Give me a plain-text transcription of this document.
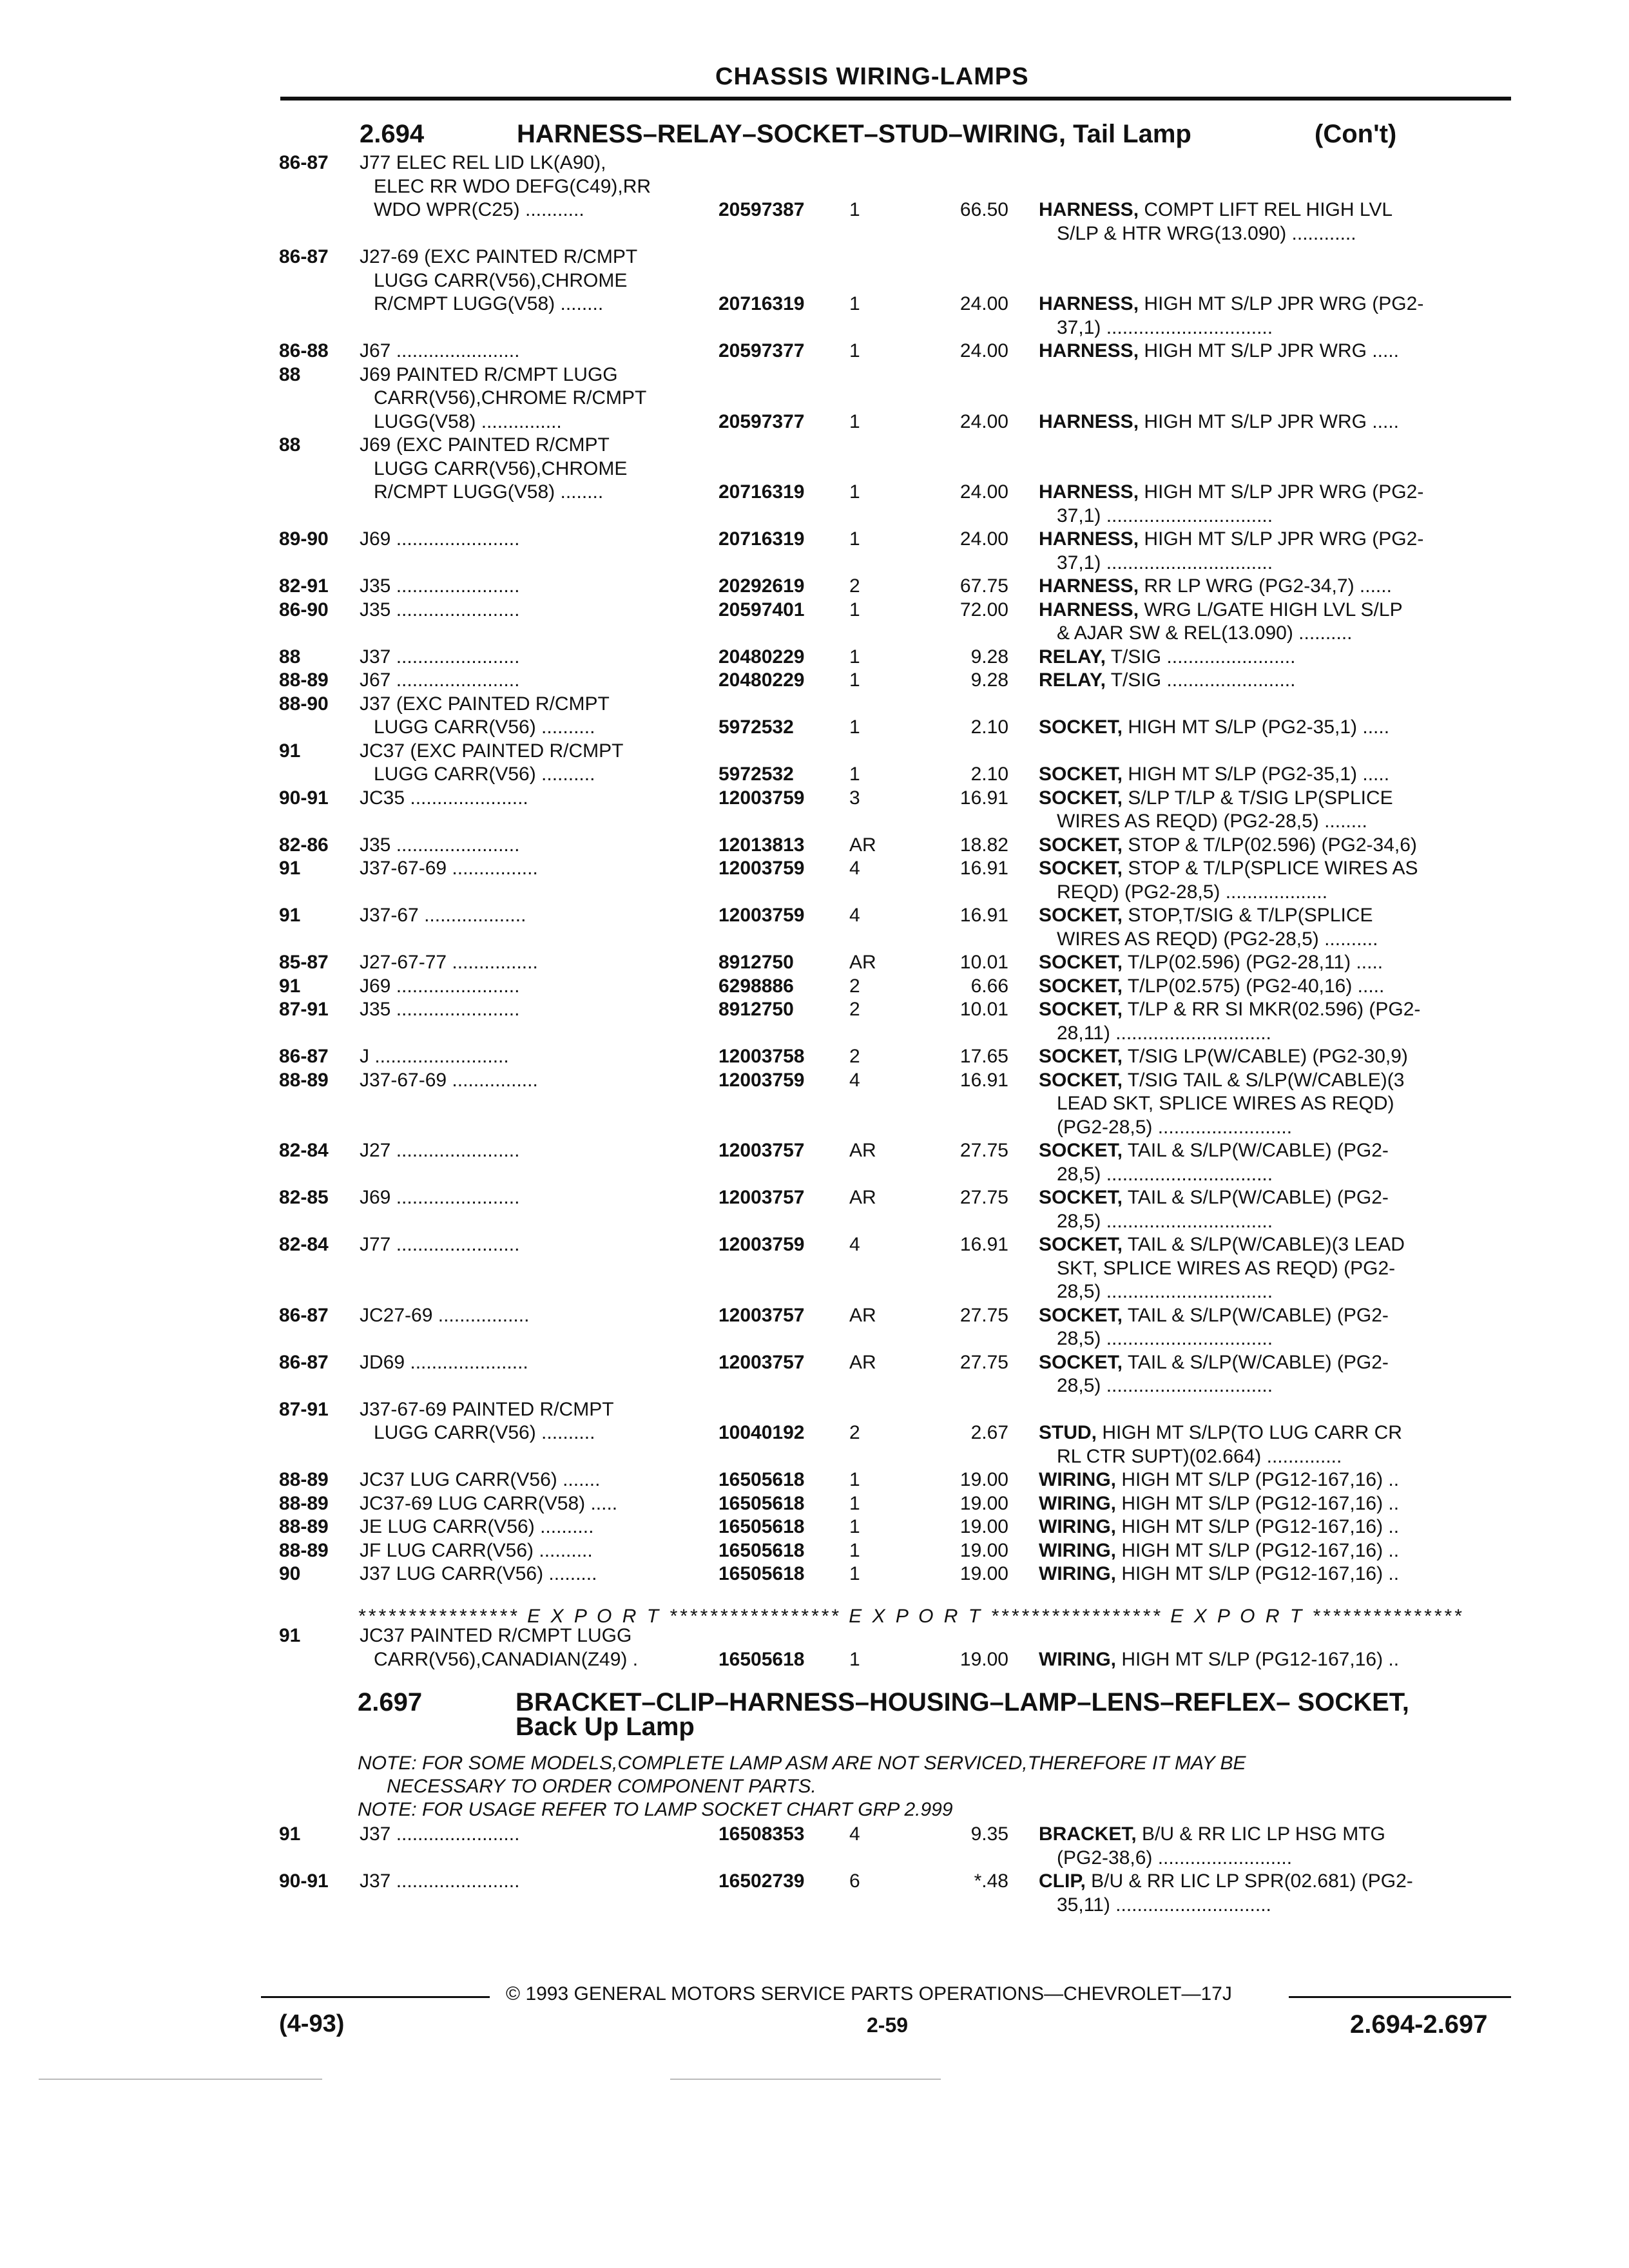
CHASSIS WIRING-LAMPS
2.694	HARNESS–RELAY–SOCKET–STUD–WIRING, Tail Lamp	(Con't)
86-87 J77 ELEC REL LID LK(A90),
ELEC RR WDO DEFG(C49),RR
WDO WPR(C25) ...........	20597387 1	66.50 HARNESS, COMPT LIFT REL HIGH LVL
S/LP & HTR WRG(13.090) ............
86-87 J27-69 (EXC PAINTED R/CMPT
LUGG CARR(V56),CHROME
R/CMPT LUGG(V58) ........	20716319 1	24.00 HARNESS, HIGH MT S/LP JPR WRG (PG2-
37,1) ...............................
86-88 J67 .......................	20597377 1	24.00 HARNESS, HIGH MT S/LP JPR WRG .....
88	J69 PAINTED R/CMPT LUGG
CARR(V56),CHROME R/CMPT
LUGG(V58) ...............	20597377 1	24.00 HARNESS, HIGH MT S/LP JPR WRG .....
88	J69 (EXC PAINTED R/CMPT
LUGG CARR(V56),CHROME
R/CMPT LUGG(V58) ........	20716319 1	24.00 HARNESS, HIGH MT S/LP JPR WRG (PG2-
37,1) ...............................
89-90 J69 .......................	20716319 1	24.00 HARNESS, HIGH MT S/LP JPR WRG (PG2-
37,1) ...............................
82-91 J35 .......................	20292619 2	67.75 HARNESS, RR LP WRG (PG2-34,7) ......
86-90 J35 .......................	20597401 1	72.00 HARNESS, WRG L/GATE HIGH LVL S/LP
& AJAR SW & REL(13.090) ..........
88	J37 .......................	20480229 1	9.28 RELAY, T/SIG ........................
88-89 J67 .......................	20480229 1	9.28 RELAY, T/SIG ........................
88-90 J37 (EXC PAINTED R/CMPT
LUGG CARR(V56) ..........	5972532	1	2.10 SOCKET, HIGH MT S/LP (PG2-35,1) .....
91	JC37 (EXC PAINTED R/CMPT
LUGG CARR(V56) ..........	5972532	1	2.10 SOCKET, HIGH MT S/LP (PG2-35,1) .....
90-91 JC35 ......................	12003759 3	16.91 SOCKET, S/LP T/LP & T/SIG LP(SPLICE
WIRES AS REQD) (PG2-28,5) ........
82-86 J35 .......................	12013813 AR	18.82 SOCKET, STOP & T/LP(02.596) (PG2-34,6)
91	J37-67-69 ................	12003759 4	16.91 SOCKET, STOP & T/LP(SPLICE WIRES AS
REQD) (PG2-28,5) ...................
91	J37-67 ...................	12003759 4	16.91 SOCKET, STOP,T/SIG & T/LP(SPLICE
WIRES AS REQD) (PG2-28,5) ..........
85-87 J27-67-77 ................	8912750	AR	10.01 SOCKET, T/LP(02.596) (PG2-28,11) .....
91	J69 .......................	6298886	2	6.66 SOCKET, T/LP(02.575) (PG2-40,16) .....
87-91 J35 .......................	8912750	2	10.01 SOCKET, T/LP & RR SI MKR(02.596) (PG2-
28,11) .............................
86-87 J .........................	12003758 2	17.65 SOCKET, T/SIG LP(W/CABLE) (PG2-30,9)
88-89 J37-67-69 ................	12003759 4	16.91 SOCKET, T/SIG TAIL & S/LP(W/CABLE)(3
LEAD SKT, SPLICE WIRES AS REQD)
(PG2-28,5) .........................
82-84 J27 .......................	12003757 AR	27.75 SOCKET, TAIL & S/LP(W/CABLE) (PG2-
28,5) ...............................
82-85 J69 .......................	12003757 AR	27.75 SOCKET, TAIL & S/LP(W/CABLE) (PG2-
28,5) ...............................
82-84 J77 .......................	12003759 4	16.91 SOCKET, TAIL & S/LP(W/CABLE)(3 LEAD
SKT, SPLICE WIRES AS REQD) (PG2-
28,5) ...............................
86-87 JC27-69 .................	12003757 AR	27.75 SOCKET, TAIL & S/LP(W/CABLE) (PG2-
28,5) ...............................
86-87 JD69 ......................	12003757 AR	27.75 SOCKET, TAIL & S/LP(W/CABLE) (PG2-
28,5) ...............................
87-91 J37-67-69 PAINTED R/CMPT
LUGG CARR(V56) ..........	10040192 2	2.67 STUD, HIGH MT S/LP(TO LUG CARR CR
RL CTR SUPT)(02.664) ..............
88-89 JC37 LUG CARR(V56) .......	16505618 1	19.00 WIRING, HIGH MT S/LP (PG12-167,16) ..
88-89 JC37-69 LUG CARR(V58) .....	16505618 1	19.00 WIRING, HIGH MT S/LP (PG12-167,16) ..
88-89 JE LUG CARR(V56) ..........	16505618 1	19.00 WIRING, HIGH MT S/LP (PG12-167,16) ..
88-89 JF LUG CARR(V56) ..........	16505618 1	19.00 WIRING, HIGH MT S/LP (PG12-167,16) ..
90	J37 LUG CARR(V56) .........	16505618 1	19.00 WIRING, HIGH MT S/LP (PG12-167,16) ..
**************** E X P O R T ***************** E X P O R T ***************** E X P O R T ***************
91	JC37 PAINTED R/CMPT LUGG
CARR(V56),CANADIAN(Z49) .	16505618 1	19.00 WIRING, HIGH MT S/LP (PG12-167,16) ..
2.697	BRACKET–CLIP–HARNESS–HOUSING–LAMP–LENS–REFLEX– SOCKET,
Back Up Lamp
NOTE: FOR SOME MODELS,COMPLETE LAMP ASM ARE NOT SERVICED,THEREFORE IT MAY BE
NECESSARY TO ORDER COMPONENT PARTS.
NOTE: FOR USAGE REFER TO LAMP SOCKET CHART GRP 2.999
91	J37 .......................	16508353 4	9.35 BRACKET, B/U & RR LIC LP HSG MTG
(PG2-38,6) .........................
90-91 J37 .......................	16502739 6	*.48 CLIP, B/U & RR LIC LP SPR(02.681) (PG2-
35,11) .............................
© 1993 GENERAL MOTORS SERVICE PARTS OPERATIONS—CHEVROLET—17J
(4-93)	2-59	2.694-2.697
